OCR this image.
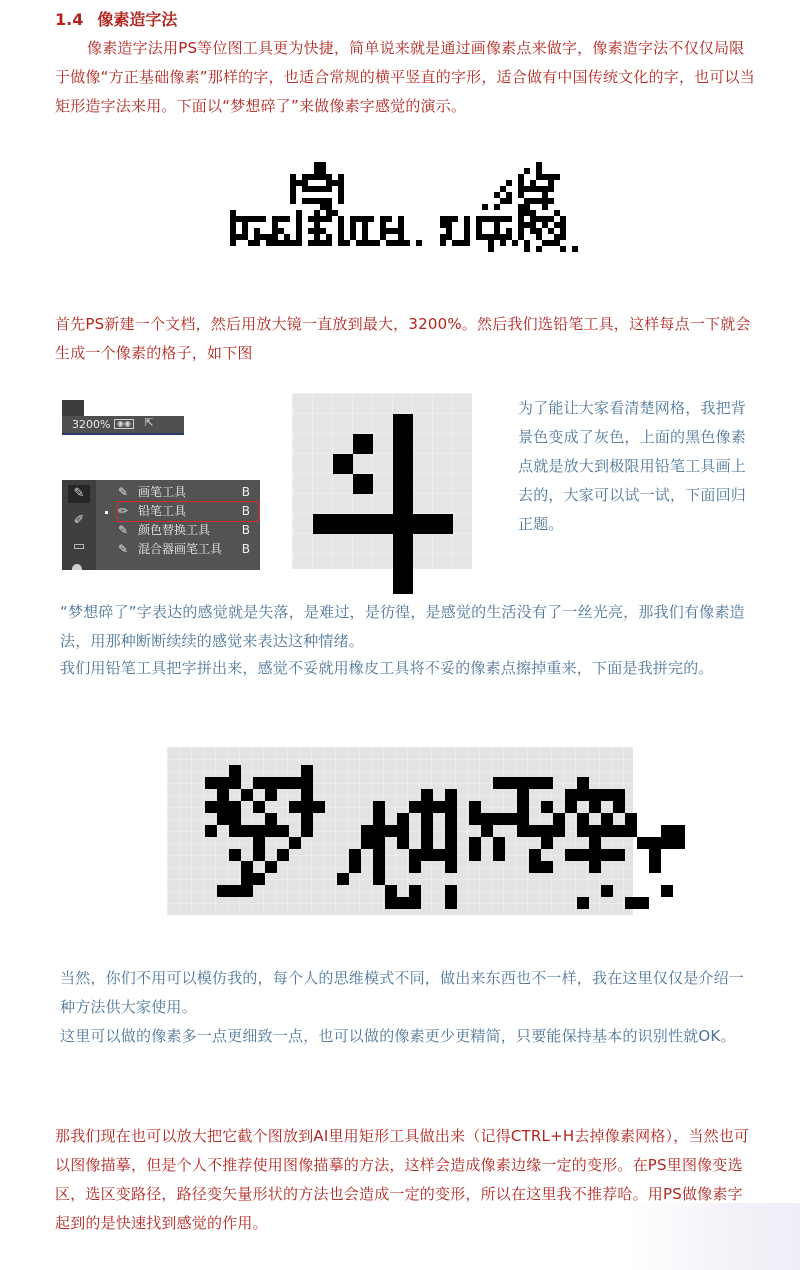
1.4 像素造字法
像素造字法用PS等位图工具更为快捷，简单说来就是通过画像素点来做字，像素造字法不仅仅局限于做像“方正基础像素”那样的字，也适合常规的横平竖直的字形，适合做有中国传统文化的字，也可以当矩形造字法来用。下面以“梦想碎了”来做像素字感觉的演示。
首先PS新建一个文档，然后用放大镜一直放到最大，3200%。然后我们选铅笔工具，这样每点一下就会生成一个像素的格子，如下图
3200% ◉◉ ⇱
✎
✐
▭
✎ 画笔工具	B
✏ 铅笔工具	B
✎ 颜色替换工具	B
✎ 混合器画笔工具 B
为了能让大家看清楚网格，我把背景色变成了灰色，上面的黑色像素点就是放大到极限用铅笔工具画上去的，大家可以试一试，下面回归正题。
“梦想碎了”字表达的感觉就是失落，是难过，是彷徨，是感觉的生活没有了一丝光亮，那我们有像素造法，用那种断断续续的感觉来表达这种情绪。
我们用铅笔工具把字拼出来，感觉不妥就用橡皮工具将不妥的像素点擦掉重来，下面是我拼完的。
当然，你们不用可以模仿我的，每个人的思维模式不同，做出来东西也不一样，我在这里仅仅是介绍一种方法供大家使用。
这里可以做的像素多一点更细致一点，也可以做的像素更少更精简，只要能保持基本的识别性就OK。
那我们现在也可以放大把它截个图放到AI里用矩形工具做出来（记得CTRL+H去掉像素网格），当然也可以图像描摹，但是个人不推荐使用图像描摹的方法，这样会造成像素边缘一定的变形。在PS里图像变选区，选区变路径，路径变矢量形状的方法也会造成一定的变形，所以在这里我不推荐哈。用PS做像素字起到的是快速找到感觉的作用。
